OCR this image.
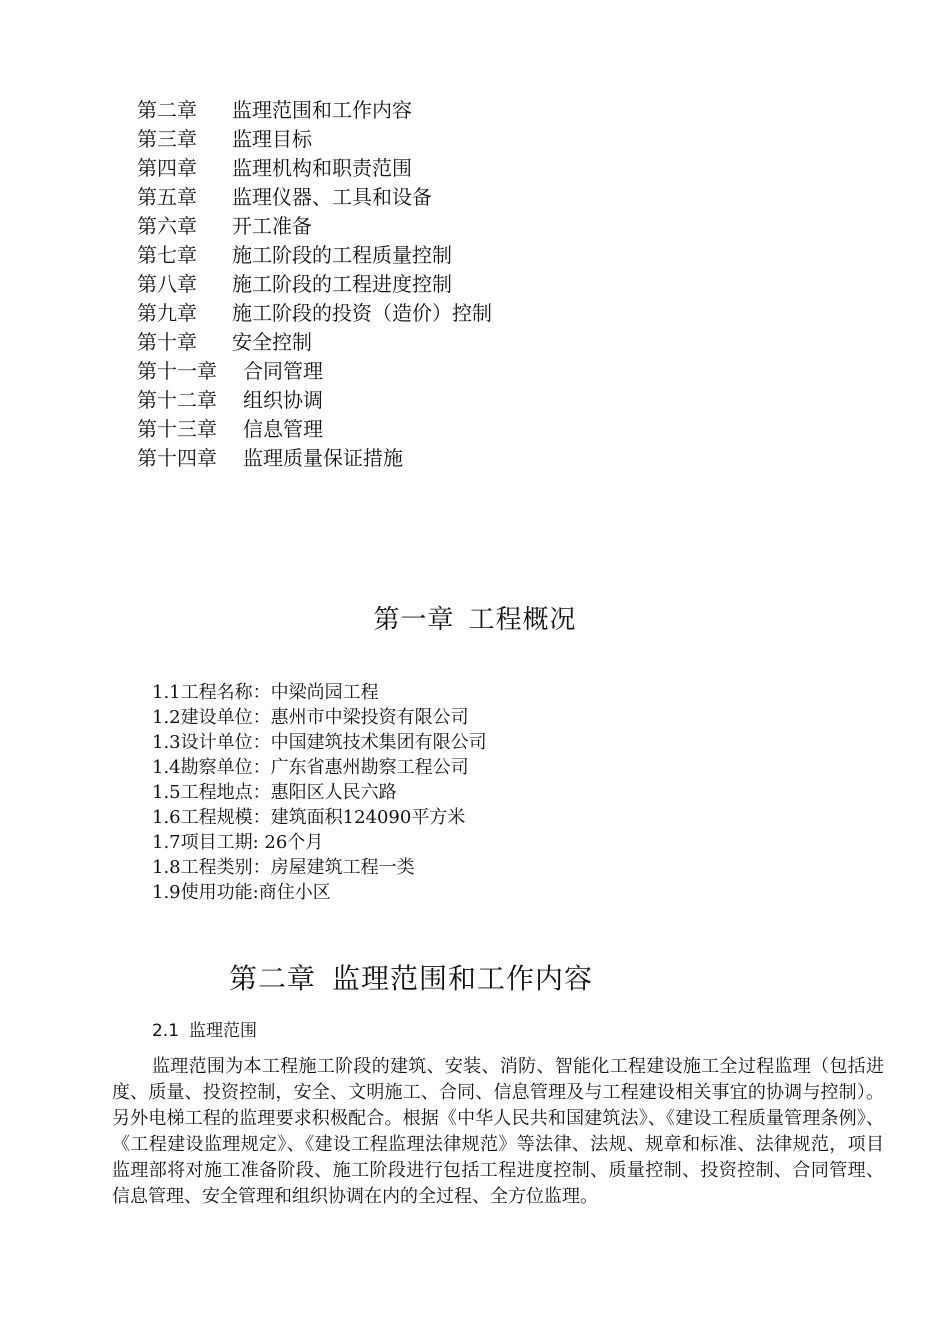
第二章 监理范围和工作内容
第三章 监理目标
第四章 监理机构和职责范围
第五章 监理仪器、工具和设备
第六章 开工准备
第七章 施工阶段的工程质量控制
第八章 施工阶段的工程进度控制
第九章 施工阶段的投资（造价）控制
第十章 安全控制
第十一章 合同管理
第十二章 组织协调
第十三章 信息管理
第十四章 监理质量保证措施
第一章 工程概况
1.1工程名称：中梁尚园工程
1.2建设单位：惠州市中梁投资有限公司
1.3设计单位：中国建筑技术集团有限公司
1.4勘察单位：广东省惠州勘察工程公司
1.5工程地点：惠阳区人民六路
1.6工程规模：建筑面积124090平方米
1.7项目工期: 26个月
1.8工程类别：房屋建筑工程一类
1.9使用功能:商住小区
第二章 监理范围和工作内容
2.1 监理范围

监理范围为本工程施工阶段的建筑、安装、消防、智能化工程建设施工全过程监理（包括进度、质量、投资控制，安全、文明施工、合同、信息管理及与工程建设相关事宜的协调与控制）。另外电梯工程的监理要求积极配合。根据《中华人民共和国建筑法》、《建设工程质量管理条例》、《工程建设监理规定》、《建设工程监理法律规范》等法律、法规、规章和标准、法律规范，项目监理部将对施工准备阶段、施工阶段进行包括工程进度控制、质量控制、投资控制、合同管理、信息管理、安全管理和组织协调在内的全过程、全方位监理。
